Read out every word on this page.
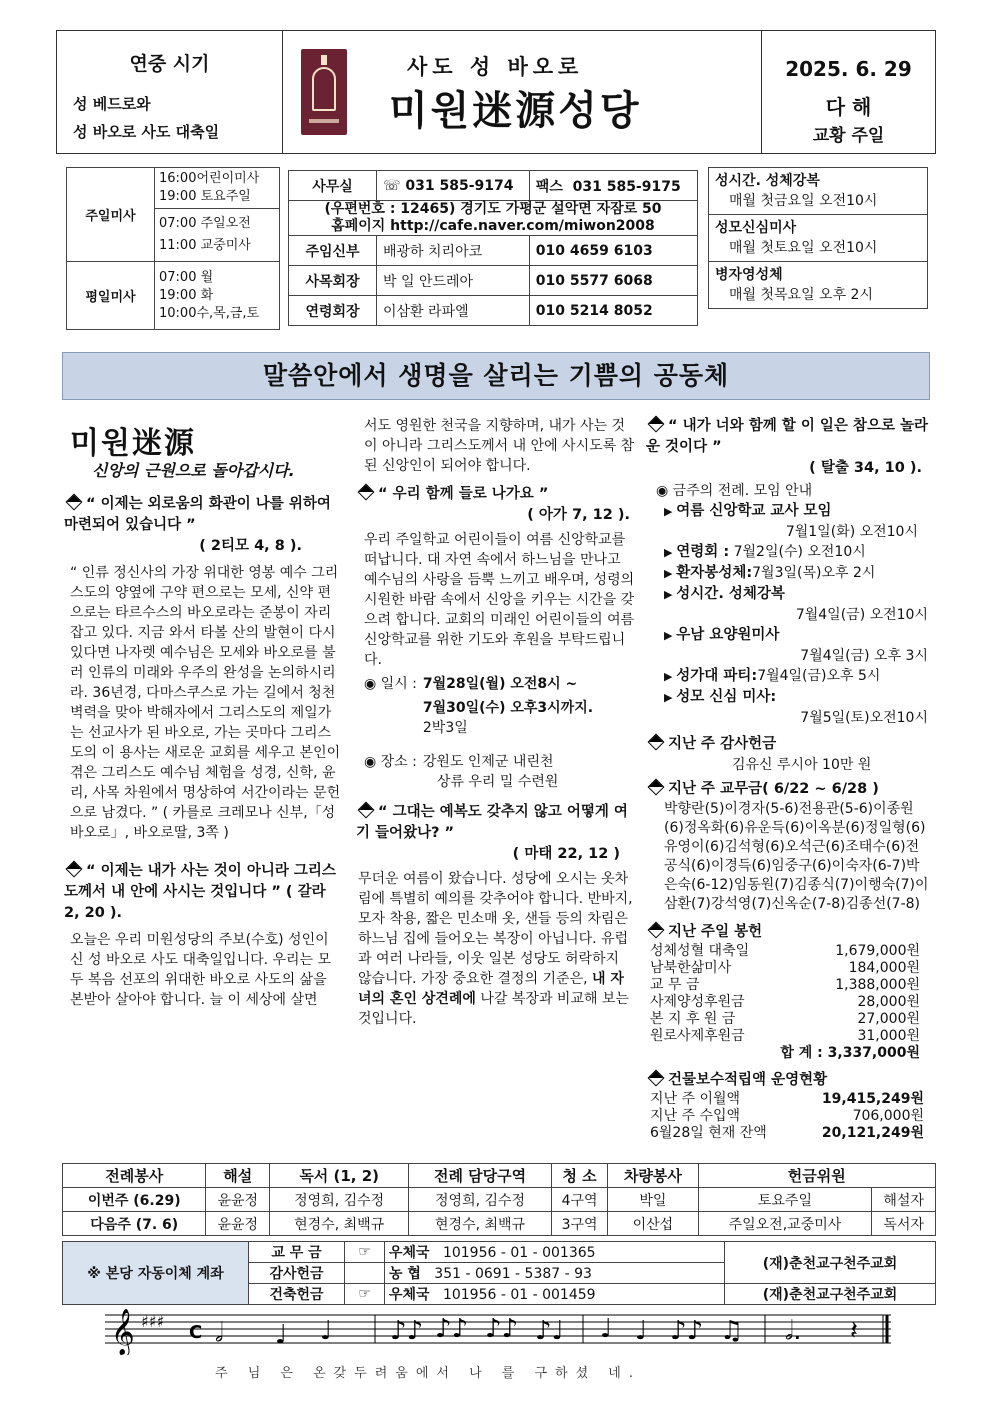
연중 시기
성 베드로와
성 바오로 사도 대축일
사도 성 바오로
미원迷源성당
2025. 6. 29
다 해
교황 주일
주일미사	16:00어린이미사
19:00 토요주일

	07:00 주일오전
11:00 교중미사

평일미사	07:00 월
19:00 화
10:00수,목,금,토
사무실	☏ 031 585-9174	팩스 031 585-9175

(우편번호 : 12465) 경기도 가평군 설악면 자잠로 50
홈페이지 http://cafe.naver.com/miwon2008		

주임신부	배광하 치리아코	010 4659 6103
사목회장	박 일 안드레아	010 5577 6068
연령회장	이삼환 라파엘	010 5214 8052
성시간. 성체강복
매월 첫금요일 오전10시

성모신심미사
매월 첫토요일 오전10시

병자영성체
매월 첫목요일 오후 2시
말씀안에서 생명을 살리는 기쁨의 공동체
미원迷源
신앙의 근원으로 돌아갑시다.
“ 이제는 외로움의 화관이 나를 위하여 마련되어 있습니다 ”
( 2티모 4, 8 ).
“ 인류 정신사의 가장 위대한 영봉 예수 그리스도의 양옆에 구약 편으로는 모세, 신약 편으로는 타르수스의 바오로라는 준봉이 자리 잡고 있다. 지금 와서 타볼 산의 발현이 다시 있다면 나자렛 예수님은 모세와 바오로를 불러 인류의 미래와 우주의 완성을 논의하시리라. 36년경, 다마스쿠스로 가는 길에서 청천벽력을 맞아 박해자에서 그리스도의 제일가는 선교사가 된 바오로, 가는 곳마다 그리스도의 이 용사는 새로운 교회를 세우고 본인이 겪은 그리스도 예수님 체험을 성경, 신학, 윤리, 사목 차원에서 명상하여 서간이라는 문헌으로 남겼다. ” ( 카를로 크레모나 신부,「성 바오로」, 바오로딸, 3쪽 )
“ 이제는 내가 사는 것이 아니라 그리스도께서 내 안에 사시는 것입니다 ” ( 갈라 2, 20 ).
오늘은 우리 미원성당의 주보(수호) 성인이신 성 바오로 사도 대축일입니다. 우리는 모두 복음 선포의 위대한 바오로 사도의 삶을 본받아 살아야 합니다. 늘 이 세상에 살면
서도 영원한 천국을 지향하며, 내가 사는 것이 아니라 그리스도께서 내 안에 사시도록 참된 신앙인이 되어야 합니다.
“ 우리 함께 들로 나가요 ”
( 아가 7, 12 ).
우리 주일학교 어린이들이 여름 신앙학교를 떠납니다. 대 자연 속에서 하느님을 만나고 예수님의 사랑을 듬뿍 느끼고 배우며, 성령의 시원한 바람 속에서 신앙을 키우는 시간을 갖으려 합니다. 교회의 미래인 어린이들의 여름 신앙학교를 위한 기도와 후원을 부탁드립니다.
◉ 일시 : 7월28일(월) 오전8시 ~
7월30일(수) 오후3시까지.
2박3일
◉ 장소 : 강원도 인제군 내린천
상류 우리 밀 수련원
“ 그대는 예복도 갖추지 않고 어떻게 여기 들어왔나? ”
( 마태 22, 12 )
무더운 여름이 왔습니다. 성당에 오시는 옷차림에 특별히 예의를 갖추어야 합니다. 반바지, 모자 착용, 짧은 민소매 옷, 샌들 등의 차림은 하느님 집에 들어오는 복장이 아닙니다. 유럽과 여러 나라들, 이웃 일본 성당도 허락하지 않습니다. 가장 중요한 결정의 기준은, 내 자녀의 혼인 상견례에 나갈 복장과 비교해 보는 것입니다.
“ 내가 너와 함께 할 이 일은 참으로 놀라운 것이다 ”
( 탈출 34, 10 ).
◉ 금주의 전례. 모임 안내
▶ 여름 신앙학교 교사 모임
7월1일(화) 오전10시
▶ 연령회 : 7월2일(수) 오전10시
▶ 환자봉성체:7월3일(목)오후 2시
▶ 성시간. 성체강복
7월4일(금) 오전10시
▶ 우남 요양원미사
7월4일(금) 오후 3시
▶ 성가대 파티:7월4일(금)오후 5시
▶ 성모 신심 미사:
7월5일(토)오전10시
지난 주 감사헌금
김유신 루시아 10만 원
지난 주 교무금( 6/22 ~ 6/28 )
박향란(5)이경자(5-6)전용관(5-6)이종원(6)정옥화(6)유운득(6)이옥분(6)정일형(6)유영이(6)김석형(6)오석근(6)조태수(6)전공식(6)이경득(6)임중구(6)이숙자(6-7)박은숙(6-12)임동원(7)김종식(7)이행숙(7)이삼환(7)강석영(7)신옥순(7-8)김종선(7-8)
지난 주일 봉헌
성체성혈 대축일	1,679,000원
남북한삶미사	184,000원
교 무 금	1,388,000원
사제양성후원금	28,000원
본 지 후 원 금	27,000원
원로사제후원금	31,000원
합 계 : 3,337,000원
건물보수적립액 운영현황
지난 주 이월액	19,415,249원
지난 주 수입액	706,000원
6월28일 현재 잔액	20,121,249원
전례봉사	해설	독서 (1, 2)	전례 담당구역	청 소	차량봉사	헌금위원	
이번주 (6.29)	윤윤정	정영희, 김수정	정영희, 김수정	4구역	박일	토요주일	해설자
다음주 (7. 6)	윤윤정	현경수, 최백규	현경수, 최백규	3구역	이산섭	주일오전,교중미사	독서자
※ 본당 자동이체 계좌	교 무 금	☞	우체국 101956 - 01 - 001365	(재)춘천교구천주교회
	감사헌금		농 협 351 - 0691 - 5387 - 93	
	건축헌금	☞	우체국 101956 - 01 - 001459	(재)춘천교구천주교회
𝄞 ♯♯♯
C 𝅗𝅥 ♩ ♩ ♪♪ ♪♪ ♪♪ ♪♩ ♩ ♩ ♪♪ ♫ 𝅗𝅥. 𝄽
주 님 은 온갖두려움에서 나 를 구하셨 네.
